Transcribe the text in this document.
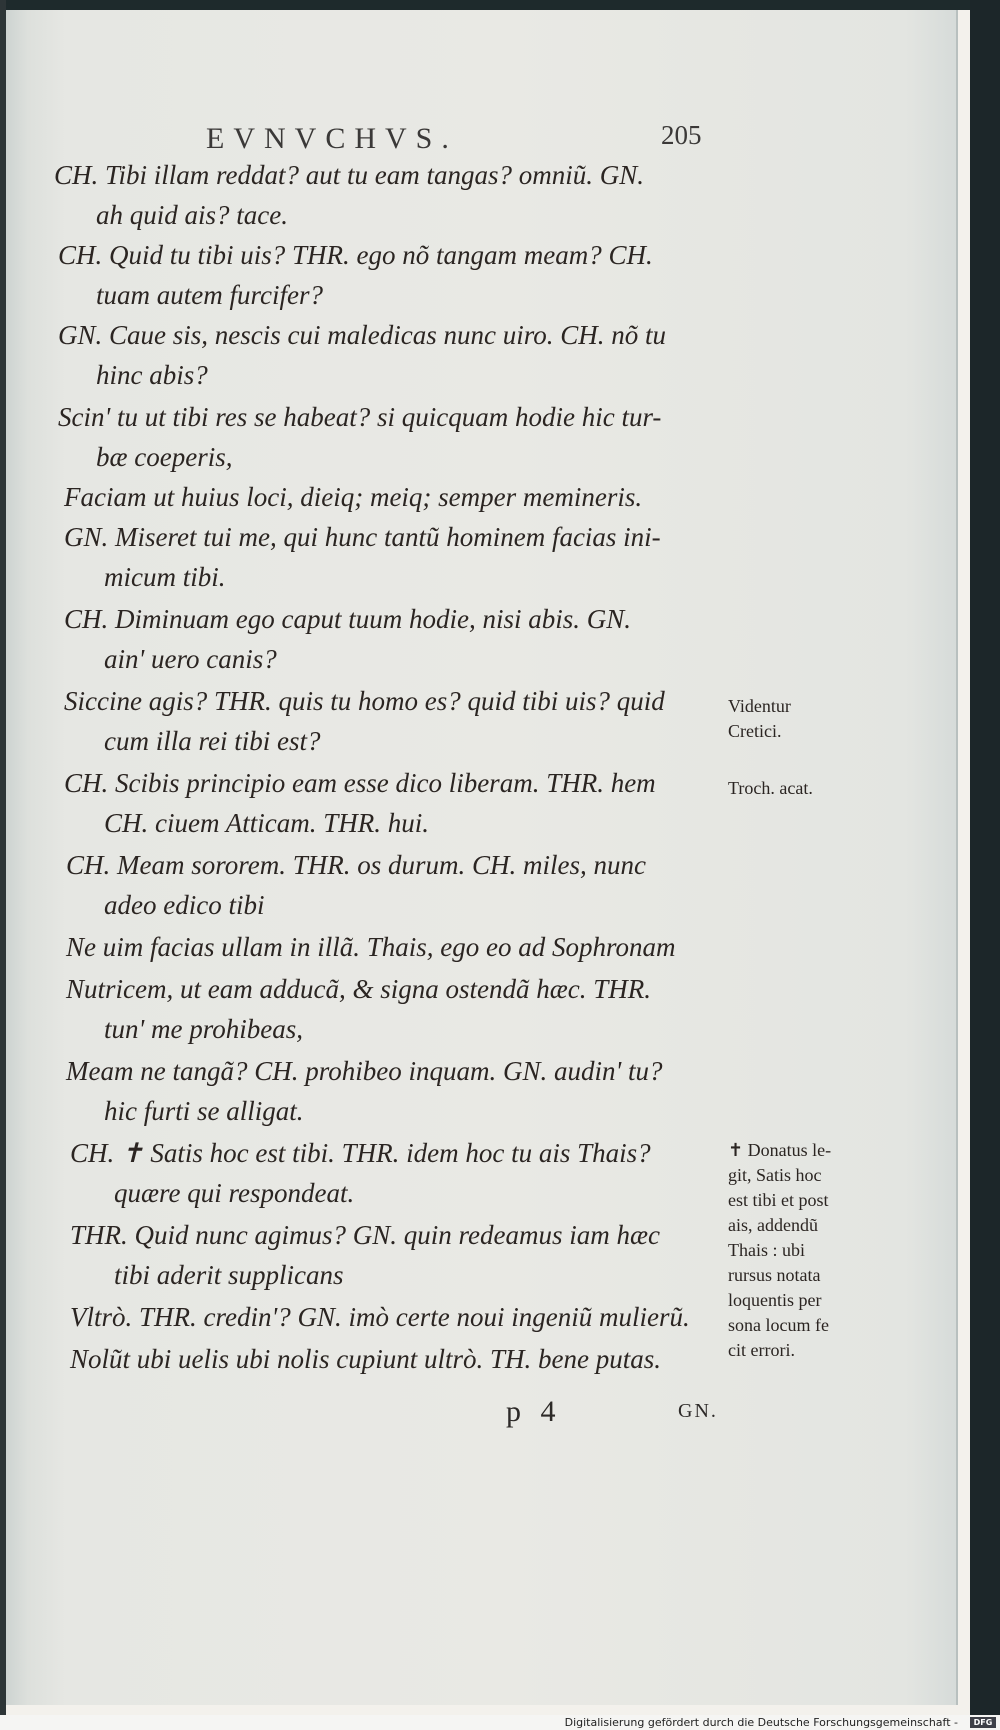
EVNVCHVS.	205
CH. Tibi illam reddat? aut tu eam tangas? omniũ. GN.
ah quid ais? tace.
CH. Quid tu tibi uis? THR. ego nõ tangam meam? CH.
tuam autem furcifer?
GN. Caue sis, nescis cui maledicas nunc uiro. CH. nõ tu
hinc abis?
Scin' tu ut tibi res se habeat? si quicquam hodie hic tur-
bæ coeperis,
Faciam ut huius loci, dieiq; meiq; semper memineris.
GN. Miseret tui me, qui hunc tantũ hominem facias ini-
micum tibi.
CH. Diminuam ego caput tuum hodie, nisi abis. GN.
ain' uero canis?
Siccine agis? THR. quis tu homo es? quid tibi uis? quid
cum illa rei tibi est?
CH. Scibis principio eam esse dico liberam. THR. hem
CH. ciuem Atticam. THR. hui.
CH. Meam sororem. THR. os durum. CH. miles, nunc
adeo edico tibi
Ne uim facias ullam in illã. Thais, ego eo ad Sophronam
Nutricem, ut eam adducã, & signa ostendã hæc. THR.
tun' me prohibeas,
Meam ne tangã? CH. prohibeo inquam. GN. audin' tu?
hic furti se alligat.
CH. ✝ Satis hoc est tibi. THR. idem hoc tu ais Thais?
quære qui respondeat.
THR. Quid nunc agimus? GN. quin redeamus iam hæc
tibi aderit supplicans
Vltrò. THR. credin'? GN. imò certe noui ingeniũ mulierũ.
Nolũt ubi uelis ubi nolis cupiunt ultrò. TH. bene putas.
Videntur
Cretici.
Troch. acat.
✝ Donatus le-
git, Satis hoc
est tibi et post
ais, addendũ
Thais : ubi
rursus notata
loquentis per
sona locum fe
cit errori.
p 4	GN.
Digitalisierung gefördert durch die Deutsche Forschungsgemeinschaft -	DFG
